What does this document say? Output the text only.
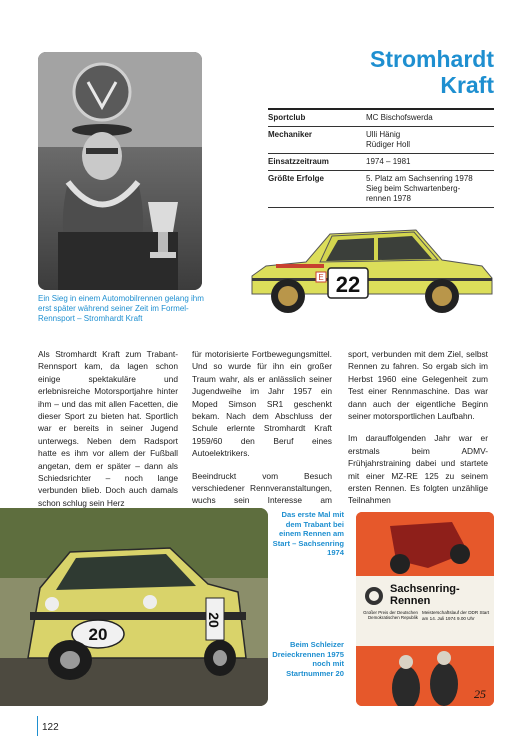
Ein Sieg in einem Automobilrennen gelang ihm erst später während seiner Zeit im Formel-Rennsport – Stromhardt Kraft
Stromhardt
Kraft
Sportclub	MC Bischofswerda
Mechaniker	Ulli Hänig
Rüdiger Holl
Einsatzzeitraum	1974 – 1981
Größte Erfolge	5. Platz am Sachsenring 1978
Sieg beim Schwartenberg-
rennen 1978
22
E

Als Stromhardt Kraft zum Trabant-Rennsport kam, da lagen schon einige spektakuläre und erlebnisreiche Motorsportjahre hinter ihm – und das mit allen Facetten, die dieser Sport zu bieten hat. Sportlich war er bereits in seiner Jugend unterwegs. Neben dem Radsport hatte es ihm vor allem der Fußball angetan, dem er später – dann als Schiedsrichter – noch lange verbunden blieb. Doch auch damals schon schlug sein Herz

für motorisierte Fortbewegungsmittel. Und so wurde für ihn ein großer Traum wahr, als er anlässlich seiner Jugendweihe im Jahr 1957 ein Moped Simson SR1 geschenkt bekam. Nach dem Abschluss der Schule erlernte Stromhardt Kraft 1959/60 den Beruf eines Autoelektrikers.

Beeindruckt vom Besuch verschiedener Rennveranstaltungen, wuchs sein Interesse am

sport, verbunden mit dem Ziel, selbst Rennen zu fahren. So ergab sich im Herbst 1960 eine Gelegenheit zum Test einer Rennmaschine. Das war dann auch der eigentliche Beginn seiner motorsportlichen Laufbahn.

Im darauffolgenden Jahr war er erstmals beim ADMV-Frühjahrstraining dabei und startete mit einer MZ-RE 125 zu seinem ersten Rennen. Es folgten unzählige Teilnahmen

20
20
Das erste Mal mit dem Trabant bei einem Rennen am Start – Sachsenring 1974
Beim Schleizer Dreieckrennen 1975 noch mit Startnummer 20
Sachsenring-
Rennen
Großer Preis der Deutschen Demokratischen Republik
Meisterschaftslauf der DDR Start am 14. Juli 1974 9.00 Uhr
25
122
